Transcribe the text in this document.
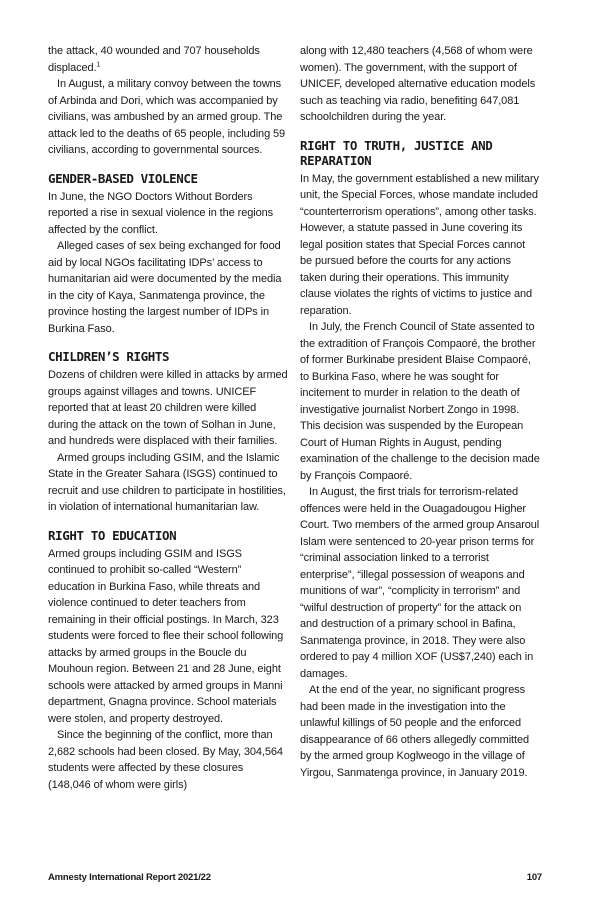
the attack, 40 wounded and 707 households displaced.$^1$

In August, a military convoy between the towns of Arbinda and Dori, which was accompanied by civilians, was ambushed by an armed group. The attack led to the deaths of 65 people, including 59 civilians, according to governmental sources.

GENDER-BASED VIOLENCE

In June, the NGO Doctors Without Borders reported a rise in sexual violence in the regions affected by the conflict.

Alleged cases of sex being exchanged for food aid by local NGOs facilitating IDPs’ access to humanitarian aid were documented by the media in the city of Kaya, Sanmatenga province, the province hosting the largest number of IDPs in Burkina Faso.

CHILDREN’S RIGHTS

Dozens of children were killed in attacks by armed groups against villages and towns. UNICEF reported that at least 20 children were killed during the attack on the town of Solhan in June, and hundreds were displaced with their families.

Armed groups including GSIM, and the Islamic State in the Greater Sahara (ISGS) continued to recruit and use children to participate in hostilities, in violation of international humanitarian law.

RIGHT TO EDUCATION

Armed groups including GSIM and ISGS continued to prohibit so-called “Western” education in Burkina Faso, while threats and violence continued to deter teachers from remaining in their official postings. In March, 323 students were forced to flee their school following attacks by armed groups in the Boucle du Mouhoun region. Between 21 and 28 June, eight schools were attacked by armed groups in Manni department, Gnagna province. School materials were stolen, and property destroyed.

Since the beginning of the conflict, more than 2,682 schools had been closed. By May, 304,564 students were affected by these closures (148,046 of whom were girls)

along with 12,480 teachers (4,568 of whom were women). The government, with the support of UNICEF, developed alternative education models such as teaching via radio, benefiting 647,081 schoolchildren during the year.

RIGHT TO TRUTH, JUSTICE AND REPARATION

In May, the government established a new military unit, the Special Forces, whose mandate included “counterterrorism operations”, among other tasks. However, a statute passed in June covering its legal position states that Special Forces cannot be pursued before the courts for any actions taken during their operations. This immunity clause violates the rights of victims to justice and reparation.

In July, the French Council of State assented to the extradition of François Compaoré, the brother of former Burkinabe president Blaise Compaoré, to Burkina Faso, where he was sought for incitement to murder in relation to the death of investigative journalist Norbert Zongo in 1998. This decision was suspended by the European Court of Human Rights in August, pending examination of the challenge to the decision made by François Compaoré.

In August, the first trials for terrorism-related offences were held in the Ouagadougou Higher Court. Two members of the armed group Ansaroul Islam were sentenced to 20-year prison terms for “criminal association linked to a terrorist enterprise”, “illegal possession of weapons and munitions of war”, “complicity in terrorism” and “wilful destruction of property” for the attack on and destruction of a primary school in Bafina, Sanmatenga province, in 2018. They were also ordered to pay 4 million XOF (US$7,240) each in damages.

At the end of the year, no significant progress had been made in the investigation into the unlawful killings of 50 people and the enforced disappearance of 66 others allegedly committed by the armed group Koglweogo in the village of Yirgou, Sanmatenga province, in January 2019.

Amnesty International Report 2021/22	107
